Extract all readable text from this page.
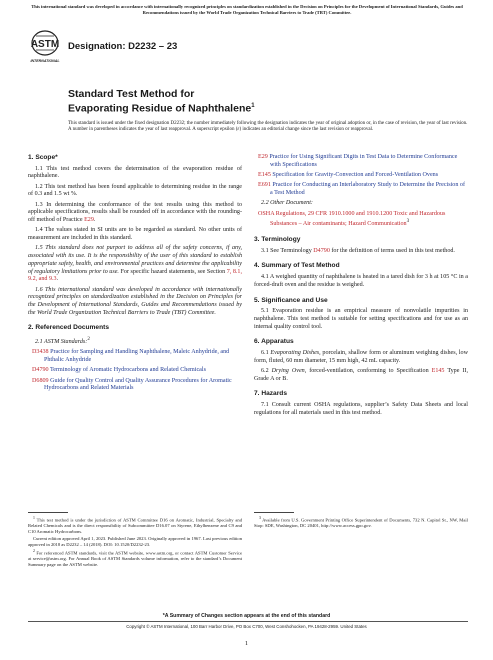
This international standard was developed in accordance with internationally recognized principles on standardization established in the Decision on Principles for the Development of International Standards, Guides and Recommendations issued by the World Trade Organization Technical Barriers to Trade (TBT) Committee.
ASTM
INTERNATIONAL
Designation: D2232 – 23
Standard Test Method for
Evaporating Residue of Naphthalene$^1$
This standard is issued under the fixed designation D2232; the number immediately following the designation indicates the year of original adoption or, in the case of revision, the year of last revision. A number in parentheses indicates the year of last reapproval. A superscript epsilon (ε) indicates an editorial change since the last revision or reapproval.

1. Scope*

1.1 This test method covers the determination of the evaporation residue of naphthalene.

1.2 This test method has been found applicable to determining residue in the range of 0.3 and 1.5 wt %.

1.3 In determining the conformance of the test results using this method to applicable specifications, results shall be rounded off in accordance with the rounding-off method of Practice E29.

1.4 The values stated in SI units are to be regarded as standard. No other units of measurement are included in this standard.

1.5 This standard does not purport to address all of the safety concerns, if any, associated with its use. It is the responsibility of the user of this standard to establish appropriate safety, health, and environmental practices and determine the applicability of regulatory limitations prior to use. For specific hazard statements, see Section 7, 8.1, 9.2, and 9.3.

1.6 This international standard was developed in accordance with internationally recognized principles on standardization established in the Decision on Principles for the Development of International Standards, Guides and Recommendations issued by the World Trade Organization Technical Barriers to Trade (TBT) Committee.

2. Referenced Documents

2.1 ASTM Standards:$^2$

D3438 Practice for Sampling and Handling Naphthalene, Maleic Anhydride, and Phthalic Anhydride

D4790 Terminology of Aromatic Hydrocarbons and Related Chemicals

D6809 Guide for Quality Control and Quality Assurance Procedures for Aromatic Hydrocarbons and Related Materials

E29 Practice for Using Significant Digits in Test Data to Determine Conformance with Specifications

E145 Specification for Gravity-Convection and Forced-Ventilation Ovens

E691 Practice for Conducting an Interlaboratory Study to Determine the Precision of a Test Method

2.2 Other Document:

OSHA Regulations, 29 CFR 1910.1000 and 1910.1200 Toxic and Hazardous Substances – Air contaminants; Hazard Communication$^3$

3. Terminology

3.1 See Terminology D4790 for the definition of terms used in this test method.

4. Summary of Test Method

4.1 A weighed quantity of naphthalene is heated in a tared dish for 3 h at 105 °C in a forced-draft oven and the residue is weighed.

5. Significance and Use

5.1 Evaporation residue is an empirical measure of nonvolatile impurities in naphthalene. This test method is suitable for setting specifications and for use as an internal quality control tool.

6. Apparatus

6.1 Evaporating Dishes, porcelain, shallow form or aluminum weighing dishes, low form, fluted, 60 mm diameter, 15 mm high, 42 mL capacity.

6.2 Drying Oven, forced-ventilation, conforming to Specification E145 Type II, Grade A or B.

7. Hazards

7.1 Consult current OSHA regulations, supplier’s Safety Data Sheets and local regulations for all materials used in this test method.

$^1$ This test method is under the jurisdiction of ASTM Committee D16 on Aromatic, Industrial, Specialty and Related Chemicals and is the direct responsibility of Subcommittee D16.07 on Styrene, Ethylbenzene and C9 and C10 Aromatic Hydrocarbons.

Current edition approved April 1, 2023. Published June 2023. Originally approved in 1967. Last previous edition approved in 2018 as D2232 – 14 (2018). DOI: 10.1520/D2232-23.

$^2$ For referenced ASTM standards, visit the ASTM website, www.astm.org, or contact ASTM Customer Service at service@astm.org. For Annual Book of ASTM Standards volume information, refer to the standard’s Document Summary page on the ASTM website.

$^3$ Available from U.S. Government Printing Office Superintendent of Documents, 732 N. Capitol St., NW, Mail Stop: SDE, Washington, DC 20401, http://www.access.gpo.gov.

*A Summary of Changes section appears at the end of this standard
Copyright © ASTM International, 100 Barr Harbor Drive, PO Box C700, West Conshohocken, PA 19428-2959. United States
1
